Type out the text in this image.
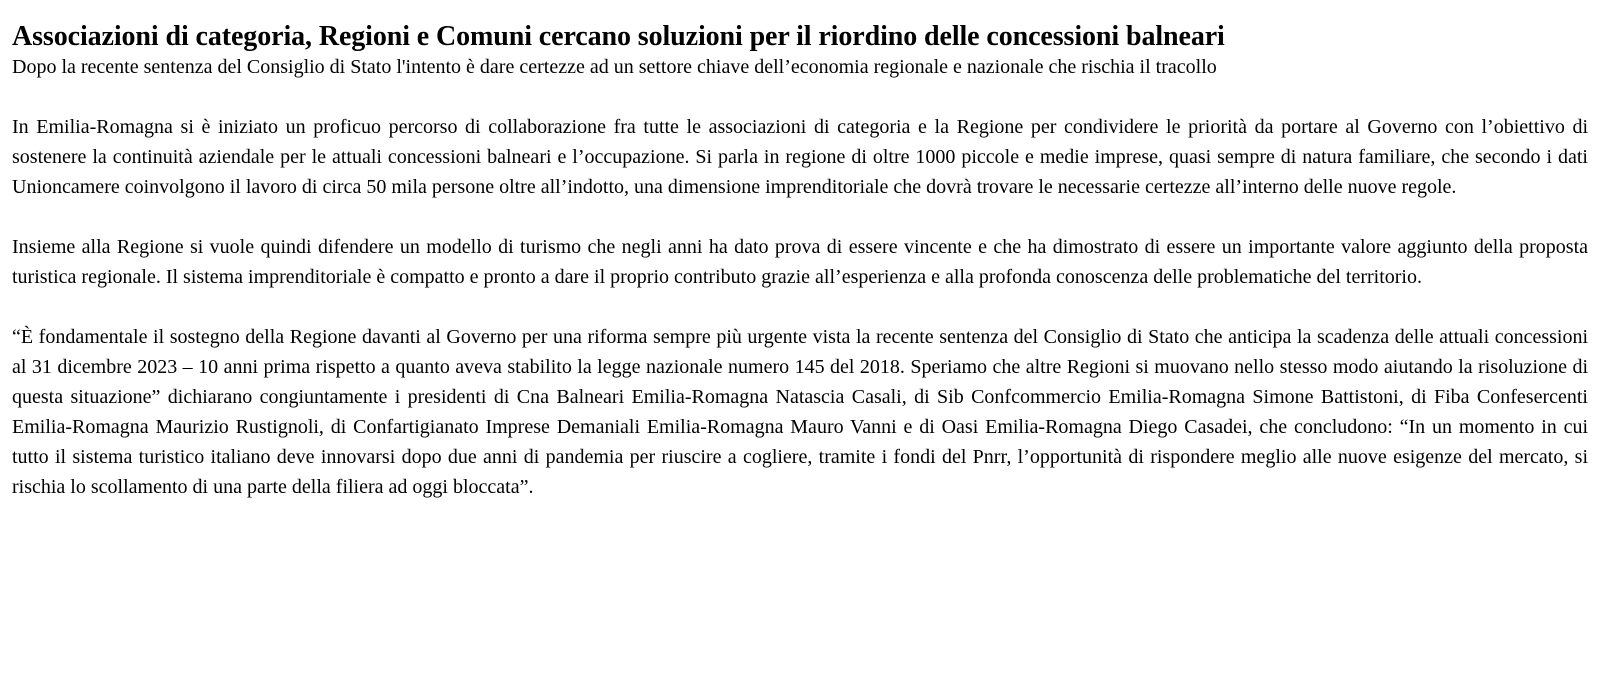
Associazioni di categoria, Regioni e Comuni cercano soluzioni per il riordino delle concessioni balneari

Dopo la recente sentenza del Consiglio di Stato l'intento è dare certezze ad un settore chiave dell’economia regionale e nazionale che rischia il tracollo

In Emilia-Romagna si è iniziato un proficuo percorso di collaborazione fra tutte le associazioni di categoria e la Regione per condividere le priorità da portare al Governo con l’obiettivo di sostenere la continuità aziendale per le attuali concessioni balneari e l’occupazione. Si parla in regione di oltre 1000 piccole e medie imprese, quasi sempre di natura familiare, che secondo i dati Unioncamere coinvolgono il lavoro di circa 50 mila persone oltre all’indotto, una dimensione imprenditoriale che dovrà trovare le necessarie certezze all’interno delle nuove regole.

Insieme alla Regione si vuole quindi difendere un modello di turismo che negli anni ha dato prova di essere vincente e che ha dimostrato di essere un importante valore aggiunto della proposta turistica regionale. Il sistema imprenditoriale è compatto e pronto a dare il proprio contributo grazie all’esperienza e alla profonda conoscenza delle problematiche del territorio.

“È fondamentale il sostegno della Regione davanti al Governo per una riforma sempre più urgente vista la recente sentenza del Consiglio di Stato che anticipa la scadenza delle attuali concessioni al 31 dicembre 2023 – 10 anni prima rispetto a quanto aveva stabilito la legge nazionale numero 145 del 2018. Speriamo che altre Regioni si muovano nello stesso modo aiutando la risoluzione di questa situazione” dichiarano congiuntamente i presidenti di Cna Balneari Emilia-Romagna Natascia Casali, di Sib Confcommercio Emilia-Romagna Simone Battistoni, di Fiba Confesercenti Emilia-Romagna Maurizio Rustignoli, di Confartigianato Imprese Demaniali Emilia-Romagna Mauro Vanni e di Oasi Emilia-Romagna Diego Casadei, che concludono: “In un momento in cui tutto il sistema turistico italiano deve innovarsi dopo due anni di pandemia per riuscire a cogliere, tramite i fondi del Pnrr, l’opportunità di rispondere meglio alle nuove esigenze del mercato, si rischia lo scollamento di una parte della filiera ad oggi bloccata”.
